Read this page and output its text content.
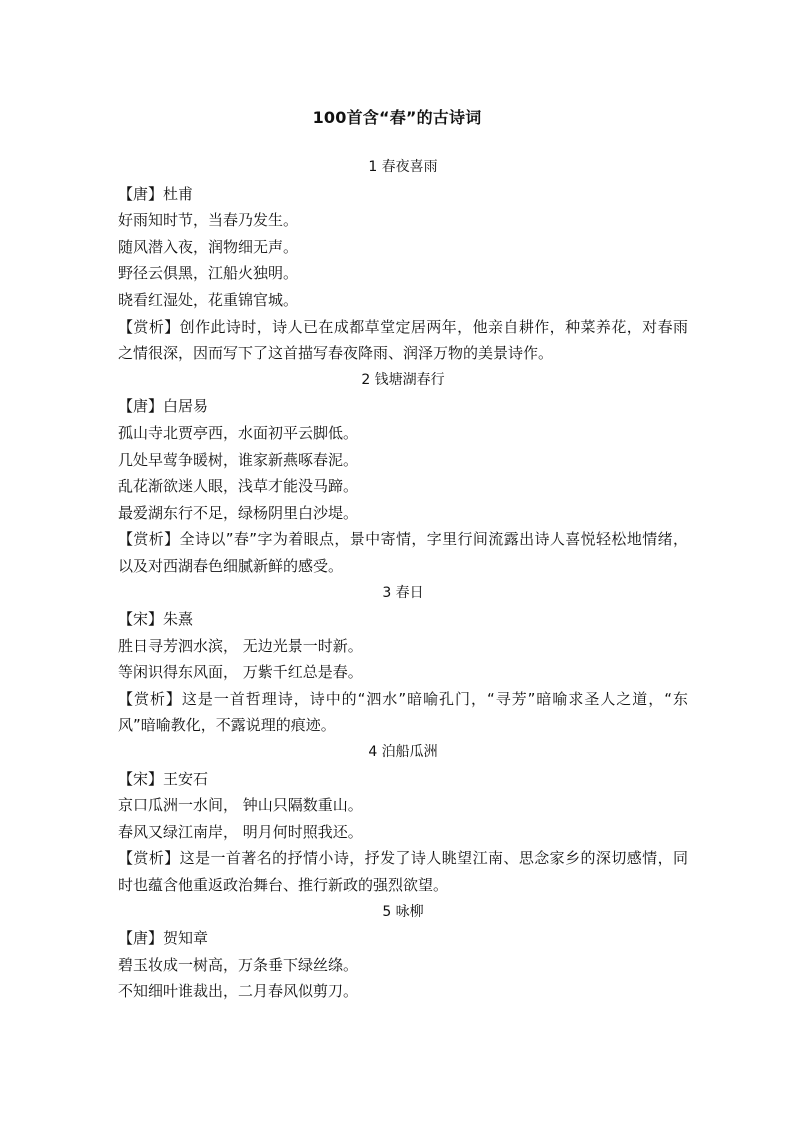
100首含“春”的古诗词
1 春夜喜雨
【唐】杜甫
好雨知时节，当春乃发生。
随风潜入夜，润物细无声。
野径云俱黑，江船火独明。
晓看红湿处，花重锦官城。
【赏析】创作此诗时，诗人已在成都草堂定居两年，他亲自耕作，种菜养花，对春雨之情很深，因而写下了这首描写春夜降雨、润泽万物的美景诗作。
2 钱塘湖春行
【唐】白居易
孤山寺北贾亭西，水面初平云脚低。
几处早莺争暖树，谁家新燕啄春泥。
乱花渐欲迷人眼，浅草才能没马蹄。
最爱湖东行不足，绿杨阴里白沙堤。
【赏析】全诗以”春”字为着眼点，景中寄情，字里行间流露出诗人喜悦轻松地情绪，以及对西湖春色细腻新鲜的感受。
3 春日
【宋】朱熹
胜日寻芳泗水滨， 无边光景一时新。
等闲识得东风面， 万紫千红总是春。
【赏析】这是一首哲理诗，诗中的“泗水”暗喻孔门，“寻芳”暗喻求圣人之道，“东风”暗喻教化，不露说理的痕迹。
4 泊船瓜洲
【宋】王安石
京口瓜洲一水间， 钟山只隔数重山。
春风又绿江南岸， 明月何时照我还。
【赏析】这是一首著名的抒情小诗，抒发了诗人眺望江南、思念家乡的深切感情，同时也蕴含他重返政治舞台、推行新政的强烈欲望。
5 咏柳
【唐】贺知章
碧玉妆成一树高，万条垂下绿丝绦。
不知细叶谁裁出，二月春风似剪刀。
